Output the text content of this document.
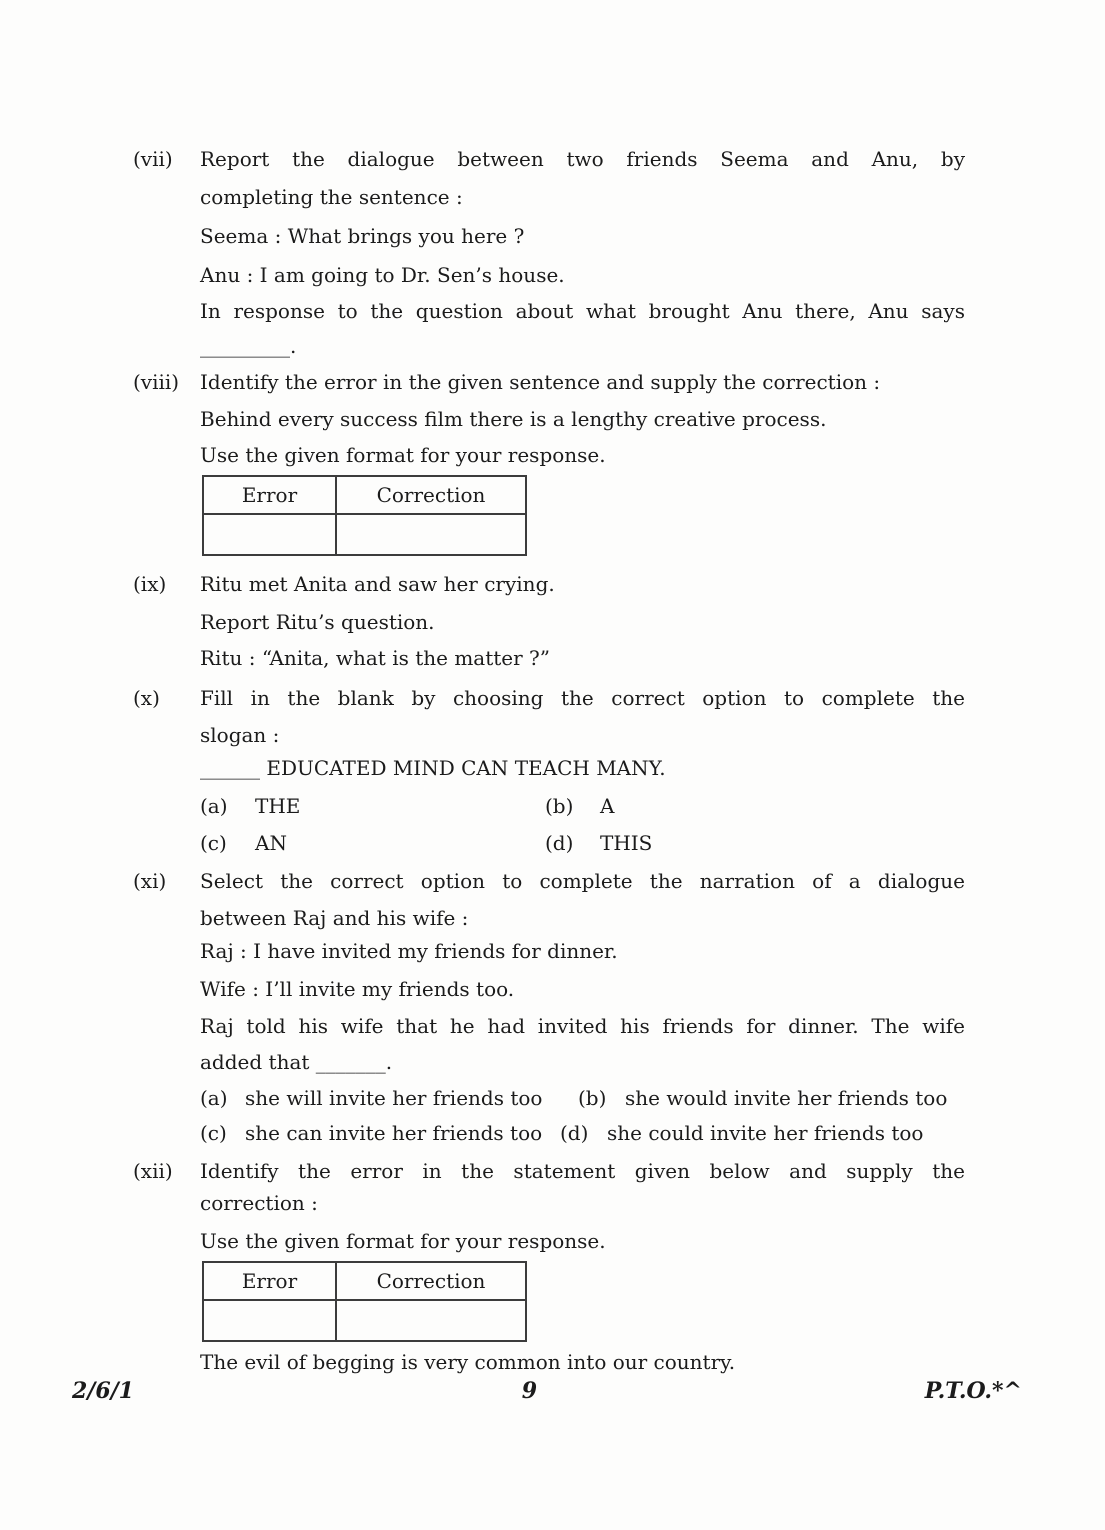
(vii)	Report the dialogue between two friends Seema and Anu, by
completing the sentence :
Seema : What brings you here ?
Anu : I am going to Dr. Sen’s house.
In response to the question about what brought Anu there, Anu says
_________.
(viii)	Identify the error in the given sentence and supply the correction :
Behind every success film there is a lengthy creative process.
Use the given format for your response.
Error	Correction

(ix)	Ritu met Anita and saw her crying.
Report Ritu’s question.
Ritu : “Anita, what is the matter ?”
(x)	Fill in the blank by choosing the correct option to complete the
slogan :
______ EDUCATED MIND CAN TEACH MANY.
(a)	THE	(b)	A
(c)	AN	(d)	THIS
(xi)	Select the correct option to complete the narration of a dialogue
between Raj and his wife :
Raj : I have invited my friends for dinner.
Wife : I’ll invite my friends too.
Raj told his wife that he had invited his friends for dinner. The wife
added that _______.
(a) she will invite her friends too	(b) she would invite her friends too
(c) she can invite her friends too (d) she could invite her friends too
(xii)	Identify the error in the statement given below and supply the
correction :
Use the given format for your response.
Error	Correction

The evil of begging is very common into our country.
2/6/1	9	P.T.O.*^
